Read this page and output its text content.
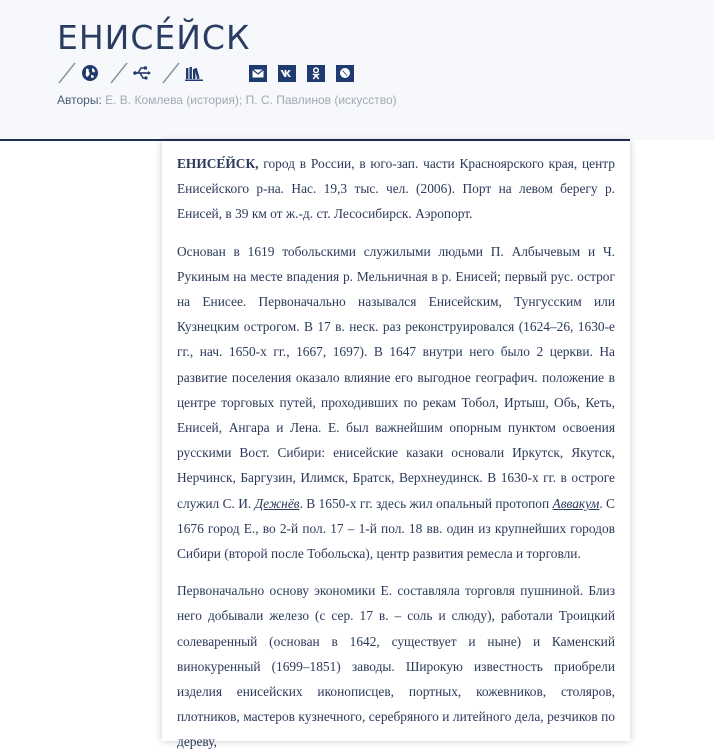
ЕНИСЕ́ЙСК
Авторы: Е. В. Комлева (история); П. С. Павлинов (искусство)

ЕНИСЕ́ЙСК, город в России, в юго-зап. части Красноярского края, центр Енисейского р-на. Нас. 19,3 тыс. чел. (2006). Порт на левом берегу р. Енисей, в 39 км от ж.-д. ст. Лесосибирск. Аэропорт.

Основан в 1619 тобольскими служилыми людьми П. Албычевым и Ч. Рукиным на месте впадения р. Мельничная в р. Енисей; первый рус. острог на Енисее. Первоначально назывался Енисейским, Тунгусским или Кузнецким острогом. В 17 в. неск. раз реконструировался (1624–26, 1630-е гг., нач. 1650-х гг., 1667, 1697). В 1647 внутри него было 2 церкви. На развитие поселения оказало влияние его выгодное географич. положение в центре торговых путей, проходивших по рекам Тобол, Иртыш, Обь, Кеть, Енисей, Ангара и Лена. Е. был важнейшим опорным пунктом освоения русскими Вост. Сибири: енисейские казаки основали Иркутск, Якутск, Нерчинск, Баргузин, Илимск, Братск, Верхнеудинск. В 1630-х гг. в остроге служил С. И. Дежнёв. В 1650-х гг. здесь жил опальный протопоп Аввакум. С 1676 город Е., во 2-й пол. 17 – 1-й пол. 18 вв. один из крупнейших городов Сибири (второй после Тобольска), центр развития ремесла и торговли.

Первоначально основу экономики Е. составляла торговля пушниной. Близ него добывали железо (с сер. 17 в. – соль и слюду), работали Троицкий солеваренный (основан в 1642, существует и ныне) и Каменский винокуренный (1699–1851) заводы. Широкую известность приобрели изделия енисейских иконописцев, портных, кожевников, столяров, плотников, мастеров кузнечного, серебряного и литейного дела, резчиков по дереву,
